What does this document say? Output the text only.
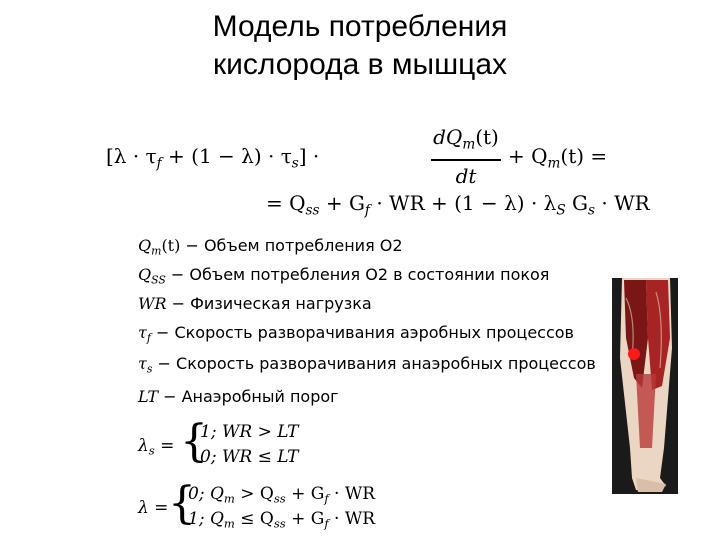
Модель потребления
кислорода в мышцах
$[\lambda \cdot \tau_f + (1 - \lambda) \cdot \tau_s]$ ·
$dQ_m(t)$
dt
+ $Q_m(t)$ =
= $Q_{ss} + G_f$ · WR + $(1 - \lambda) \cdot \lambda_S$ $G_s$ · WR
$Q_m(t)$ − Объем потребления O2
$Q_{SS}$ − Объем потребления O2 в состоянии покоя
WR − Физическая нагрузка
$\tau_f$ − Скорость разворачивания аэробных процессов
$\tau_s$ − Скорость разворачивания анаэробных процессов
LT − Анаэробный порог
$\lambda_s$ = {
1; WR > LT
0; WR ≤ LT
λ = {
0; $Q_m > Q_{ss} + G_f$ · WR
1; $Q_m \le Q_{ss} + G_f$ · WR
